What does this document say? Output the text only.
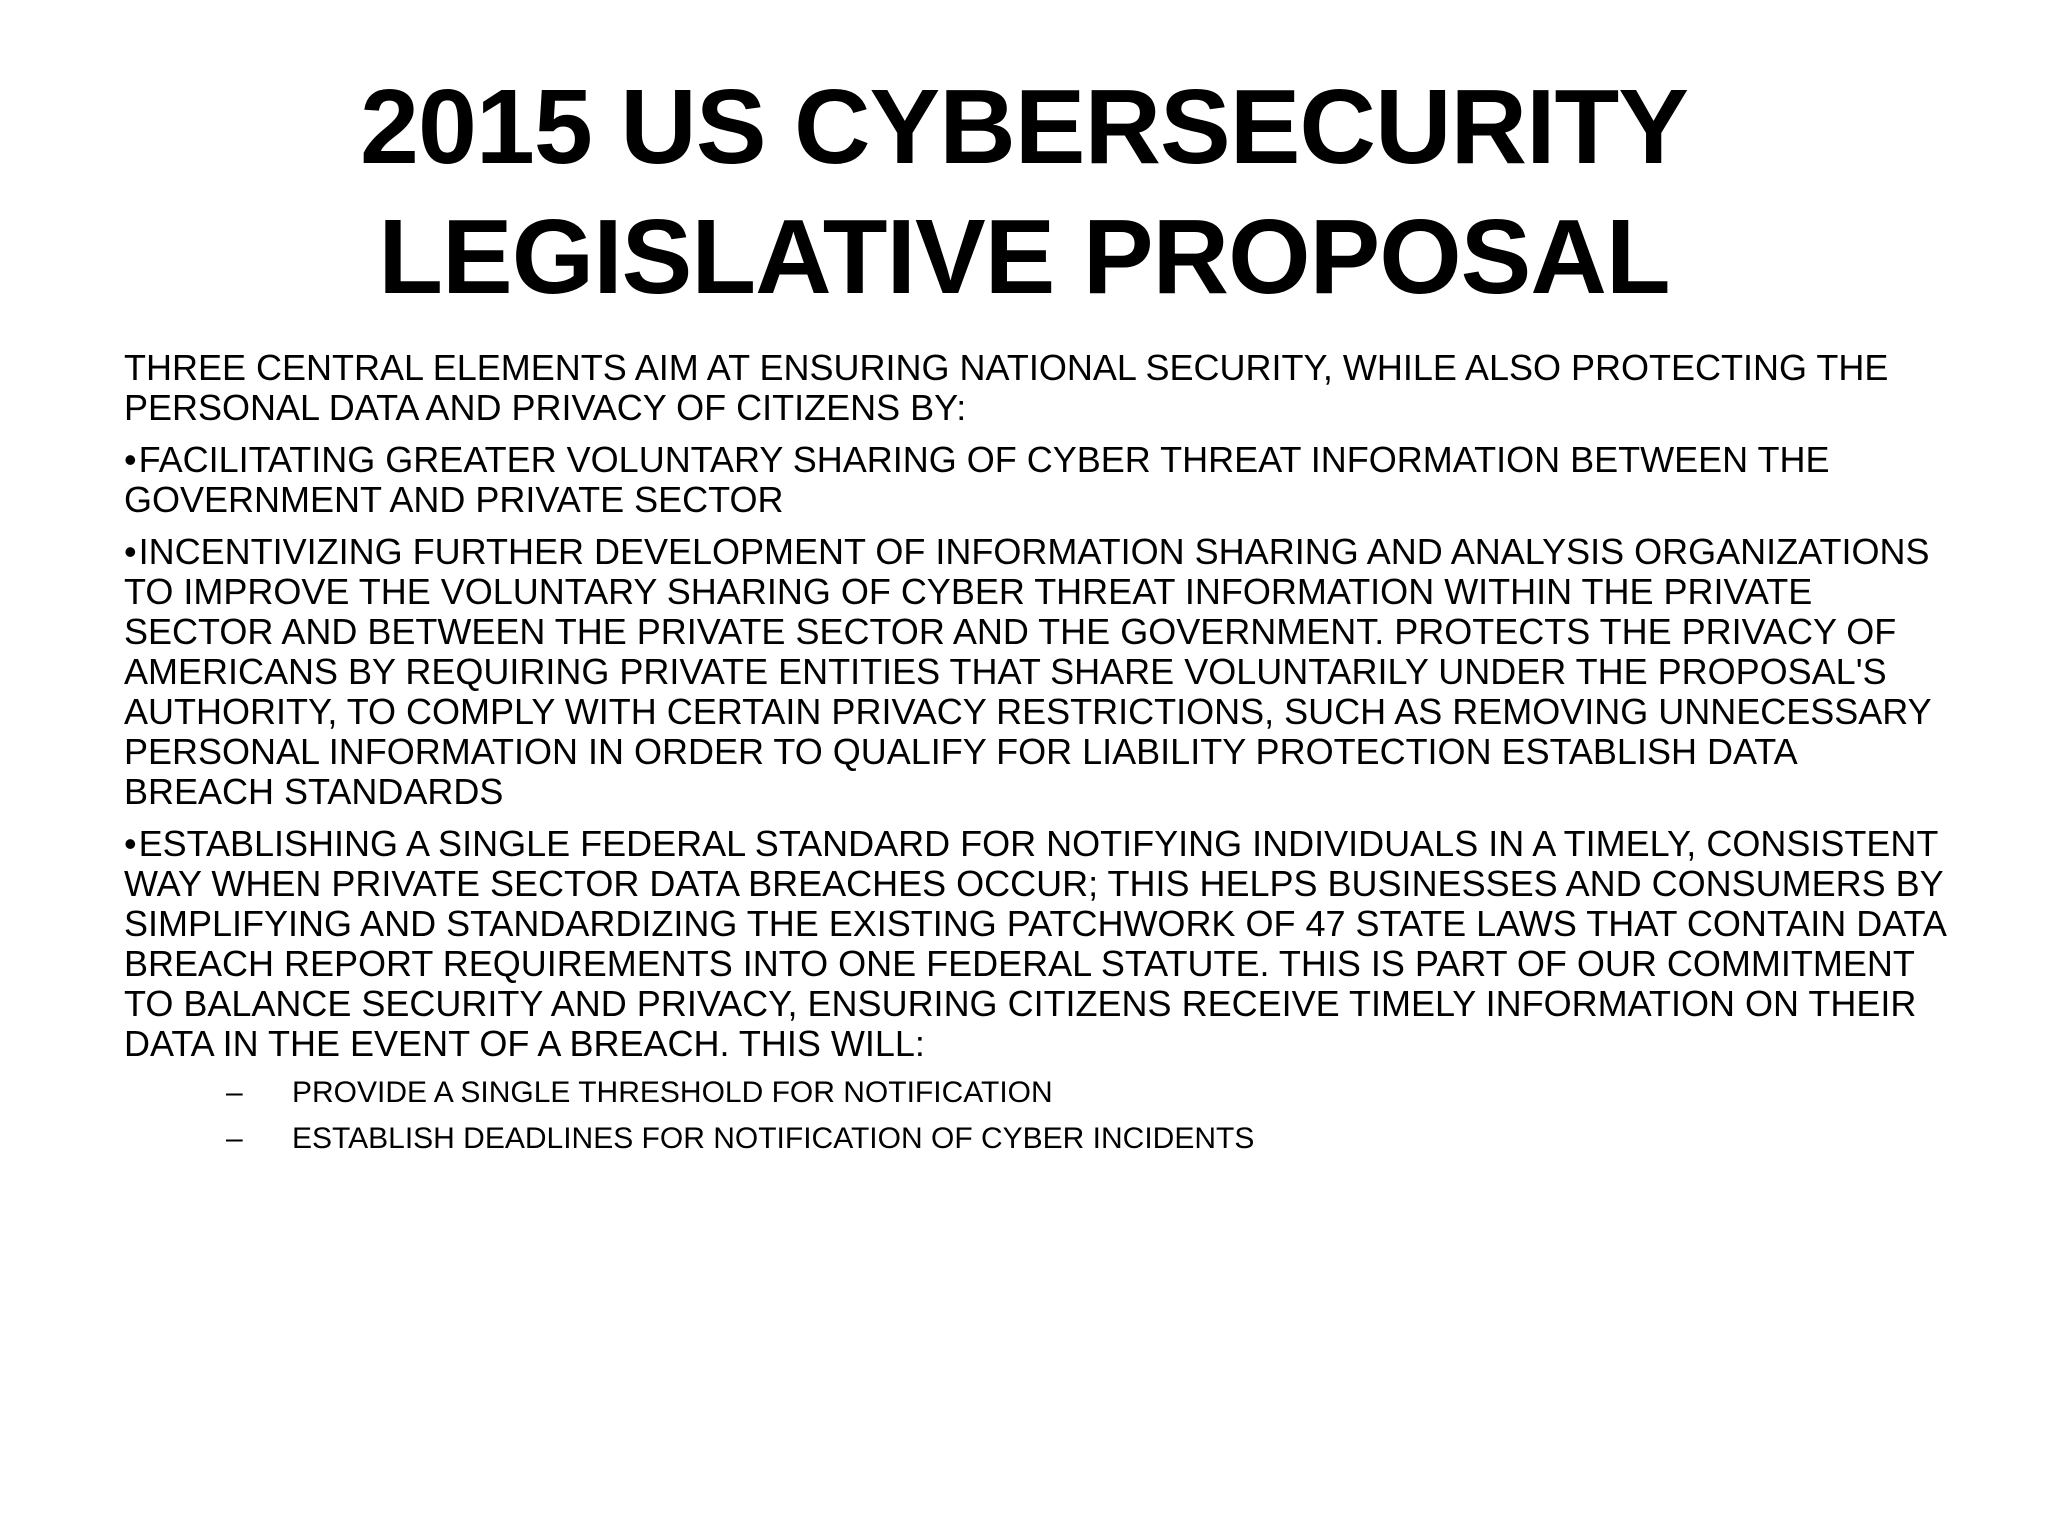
2015 US CYBERSECURITY LEGISLATIVE PROPOSAL

THREE CENTRAL ELEMENTS AIM AT ENSURING NATIONAL SECURITY, WHILE ALSO PROTECTING THE PERSONAL DATA AND PRIVACY OF CITIZENS BY:

•FACILITATING GREATER VOLUNTARY SHARING OF CYBER THREAT INFORMATION BETWEEN THE GOVERNMENT AND PRIVATE SECTOR

•INCENTIVIZING FURTHER DEVELOPMENT OF INFORMATION SHARING AND ANALYSIS ORGANIZATIONS TO IMPROVE THE VOLUNTARY SHARING OF CYBER THREAT INFORMATION WITHIN THE PRIVATE SECTOR AND BETWEEN THE PRIVATE SECTOR AND THE GOVERNMENT. PROTECTS THE PRIVACY OF AMERICANS BY REQUIRING PRIVATE ENTITIES THAT SHARE VOLUNTARILY UNDER THE PROPOSAL'S AUTHORITY, TO COMPLY WITH CERTAIN PRIVACY RESTRICTIONS, SUCH AS REMOVING UNNECESSARY PERSONAL INFORMATION IN ORDER TO QUALIFY FOR LIABILITY PROTECTION ESTABLISH DATA BREACH STANDARDS

•ESTABLISHING A SINGLE FEDERAL STANDARD FOR NOTIFYING INDIVIDUALS IN A TIMELY, CONSISTENT WAY WHEN PRIVATE SECTOR DATA BREACHES OCCUR; THIS HELPS BUSINESSES AND CONSUMERS BY SIMPLIFYING AND STANDARDIZING THE EXISTING PATCHWORK OF 47 STATE LAWS THAT CONTAIN DATA BREACH REPORT REQUIREMENTS INTO ONE FEDERAL STATUTE. THIS IS PART OF OUR COMMITMENT TO BALANCE SECURITY AND PRIVACY, ENSURING CITIZENS RECEIVE TIMELY INFORMATION ON THEIR DATA IN THE EVENT OF A BREACH. THIS WILL:

– PROVIDE A SINGLE THRESHOLD FOR NOTIFICATION
– ESTABLISH DEADLINES FOR NOTIFICATION OF CYBER INCIDENTS
